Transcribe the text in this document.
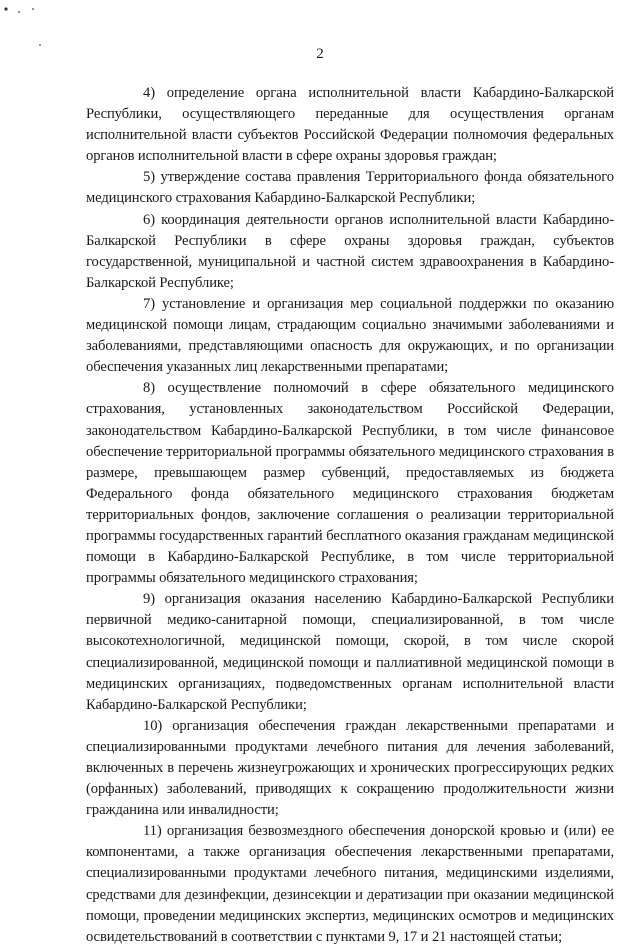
2

4) определение органа исполнительной власти Кабардино-Балкарской Республики, осуществляющего переданные для осуществления органам исполнительной власти субъектов Российской Федерации полномочия федеральных органов исполнительной власти в сфере охраны здоровья граждан;

5) утверждение состава правления Территориального фонда обязательного медицинского страхования Кабардино-Балкарской Республики;

6) координация деятельности органов исполнительной власти Кабардино-Балкарской Республики в сфере охраны здоровья граждан, субъектов государственной, муниципальной и частной систем здравоохранения в Кабардино-Балкарской Республике;

7) установление и организация мер социальной поддержки по оказанию медицинской помощи лицам, страдающим социально значимыми заболеваниями и заболеваниями, представляющими опасность для окружающих, и по организации обеспечения указанных лиц лекарственными препаратами;

8) осуществление полномочий в сфере обязательного медицинского страхования, установленных законодательством Российской Федерации, законодательством Кабардино-Балкарской Республики, в том числе финансовое обеспечение территориальной программы обязательного медицинского страхования в размере, превышающем размер субвенций, предоставляемых из бюджета Федерального фонда обязательного медицинского страхования бюджетам территориальных фондов, заключение соглашения о реализации территориальной программы государственных гарантий бесплатного оказания гражданам медицинской помощи в Кабардино-Балкарской Республике, в том числе территориальной программы обязательного медицинского страхования;

9) организация оказания населению Кабардино-Балкарской Республики первичной медико-санитарной помощи, специализированной, в том числе высокотехнологичной, медицинской помощи, скорой, в том числе скорой специализированной, медицинской помощи и паллиативной медицинской помощи в медицинских организациях, подведомственных органам исполнительной власти Кабардино-Балкарской Республики;

10) организация обеспечения граждан лекарственными препаратами и специализированными продуктами лечебного питания для лечения заболеваний, включенных в перечень жизнеугрожающих и хронических прогрессирующих редких (орфанных) заболеваний, приводящих к сокращению продолжительности жизни гражданина или инвалидности;

11) организация безвозмездного обеспечения донорской кровью и (или) ее компонентами, а также организация обеспечения лекарственными препаратами, специализированными продуктами лечебного питания, медицинскими изделиями, средствами для дезинфекции, дезинсекции и дератизации при оказании медицинской помощи, проведении медицинских экспертиз, медицинских осмотров и медицинских освидетельствований в соответствии с пунктами 9, 17 и 21 настоящей статьи;
